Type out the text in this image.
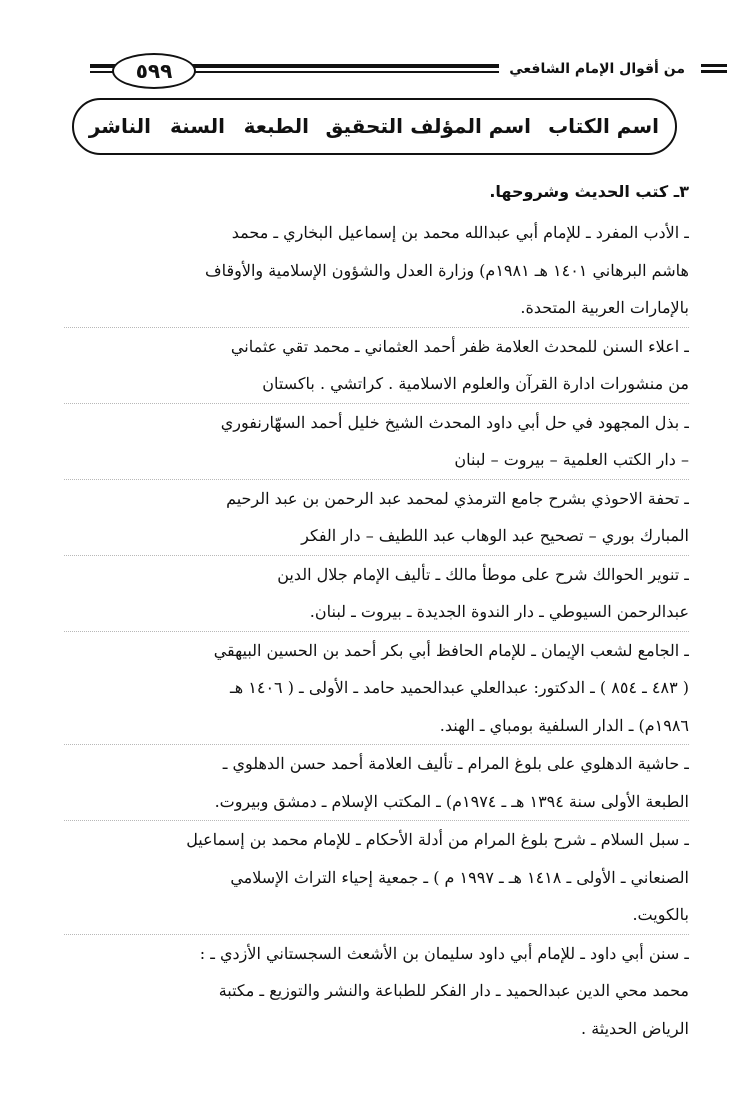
من أقوال الإمام الشافعي
٥٩٩
اسم الكتاب
اسم المؤلف
التحقيق
الطبعة
السنة
الناشر
٣ـ كتب الحديث وشروحها.
ـ الأدب المفرد ـ للإمام أبي عبدالله محمد بن إسماعيل البخاري ـ محمد
هاشم البرهاني ١٤٠١ هـ ١٩٨١م) وزارة العدل والشؤون الإسلامية والأوقاف
بالإمارات العربية المتحدة.
ـ اعلاء السنن للمحدث العلامة ظفر أحمد العثماني ـ محمد تقي عثماني
من منشورات ادارة القرآن والعلوم الاسلامية . كراتشي . باكستان
ـ بذل المجهود في حل أبي داود المحدث الشيخ خليل أحمد السهّارنفوري
– دار الكتب العلمية – بيروت – لبنان
ـ تحفة الاحوذي بشرح جامع الترمذي لمحمد عبد الرحمن بن عبد الرحيم
المبارك بوري – تصحيح عبد الوهاب عبد اللطيف – دار الفكر
ـ تنوير الحوالك شرح على موطأ مالك ـ تأليف الإمام جلال الدين
عبدالرحمن السيوطي ـ دار الندوة الجديدة ـ بيروت ـ لبنان.
ـ الجامع لشعب الإيمان ـ للإمام الحافظ أبي بكر أحمد بن الحسين البيهقي
( ٤٨٣ ـ ٨٥٤ ) ـ الدكتور: عبدالعلي عبدالحميد حامد ـ الأولى ـ ( ١٤٠٦ هـ
١٩٨٦م) ـ الدار السلفية بومباي ـ الهند.
ـ حاشية الدهلوي على بلوغ المرام ـ تأليف العلامة أحمد حسن الدهلوي ـ
الطبعة الأولى سنة ١٣٩٤ هـ ـ ١٩٧٤م) ـ المكتب الإسلام ـ دمشق وبيروت.
ـ سبل السلام ـ شرح بلوغ المرام من أدلة الأحكام ـ للإمام محمد بن إسماعيل
الصنعاني ـ الأولى ـ ١٤١٨ هـ ـ ١٩٩٧ م ) ـ جمعية إحياء التراث الإسلامي
بالكويت.
ـ سنن أبي داود ـ للإمام أبي داود سليمان بن الأشعث السجستاني الأزدي ـ :
محمد محي الدين عبدالحميد ـ دار الفكر للطباعة والنشر والتوزيع ـ مكتبة
الرياض الحديثة .
